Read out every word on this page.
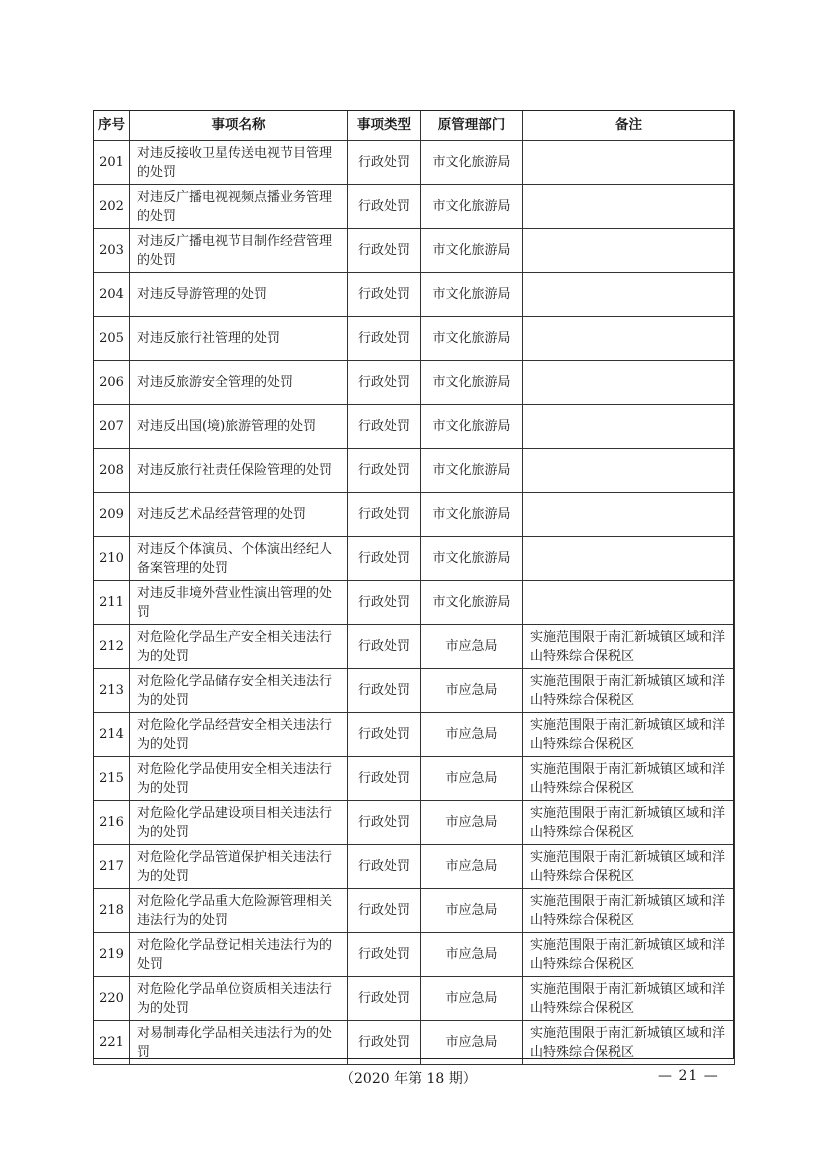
序号	事项名称	事项类型	原管理部门	备注
201	对违反接收卫星传送电视节目管理的处罚	行政处罚	市文化旅游局	
202	对违反广播电视视频点播业务管理的处罚	行政处罚	市文化旅游局	
203	对违反广播电视节目制作经营管理的处罚	行政处罚	市文化旅游局	
204	对违反导游管理的处罚	行政处罚	市文化旅游局	
205	对违反旅行社管理的处罚	行政处罚	市文化旅游局	
206	对违反旅游安全管理的处罚	行政处罚	市文化旅游局	
207	对违反出国(境)旅游管理的处罚	行政处罚	市文化旅游局	
208	对违反旅行社责任保险管理的处罚	行政处罚	市文化旅游局	
209	对违反艺术品经营管理的处罚	行政处罚	市文化旅游局	
210	对违反个体演员、个体演出经纪人备案管理的处罚	行政处罚	市文化旅游局	
211	对违反非境外营业性演出管理的处罚	行政处罚	市文化旅游局	
212	对危险化学品生产安全相关违法行为的处罚	行政处罚	市应急局	实施范围限于南汇新城镇区域和洋山特殊综合保税区
213	对危险化学品储存安全相关违法行为的处罚	行政处罚	市应急局	实施范围限于南汇新城镇区域和洋山特殊综合保税区
214	对危险化学品经营安全相关违法行为的处罚	行政处罚	市应急局	实施范围限于南汇新城镇区域和洋山特殊综合保税区
215	对危险化学品使用安全相关违法行为的处罚	行政处罚	市应急局	实施范围限于南汇新城镇区域和洋山特殊综合保税区
216	对危险化学品建设项目相关违法行为的处罚	行政处罚	市应急局	实施范围限于南汇新城镇区域和洋山特殊综合保税区
217	对危险化学品管道保护相关违法行为的处罚	行政处罚	市应急局	实施范围限于南汇新城镇区域和洋山特殊综合保税区
218	对危险化学品重大危险源管理相关违法行为的处罚	行政处罚	市应急局	实施范围限于南汇新城镇区域和洋山特殊综合保税区
219	对危险化学品登记相关违法行为的处罚	行政处罚	市应急局	实施范围限于南汇新城镇区域和洋山特殊综合保税区
220	对危险化学品单位资质相关违法行为的处罚	行政处罚	市应急局	实施范围限于南汇新城镇区域和洋山特殊综合保税区
221	对易制毒化学品相关违法行为的处罚	行政处罚	市应急局	实施范围限于南汇新城镇区域和洋山特殊综合保税区
（2020 年第 18 期）	— 21 —
